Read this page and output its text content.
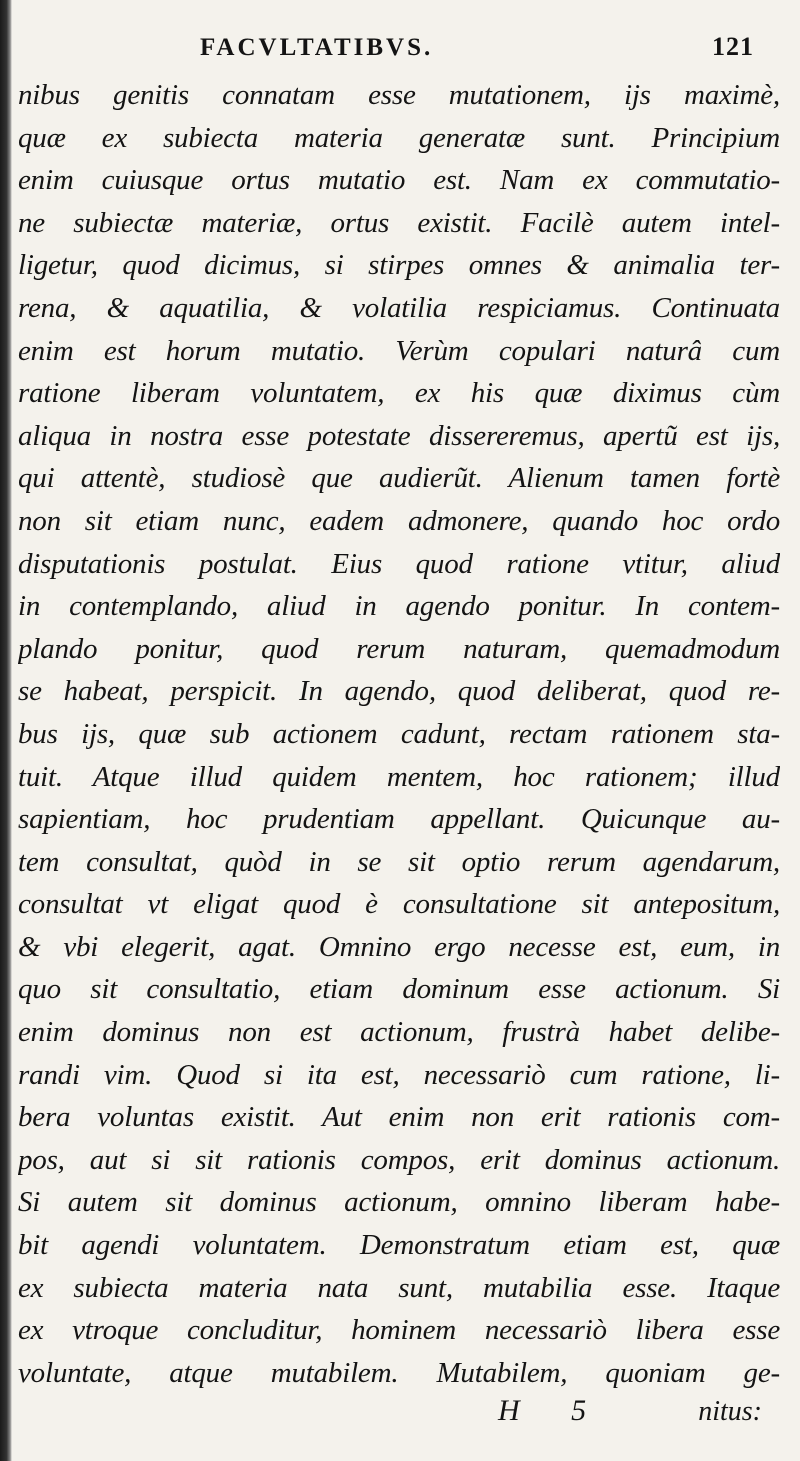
FACVLTATIBVS.	121
nibus genitis connatam esse mutationem, ijs maximè,
quæ ex subiecta materia generatæ sunt. Principium
enim cuiusque ortus mutatio est. Nam ex commutatio-
ne subiectæ materiæ, ortus existit. Facilè autem intel-
ligetur, quod dicimus, si stirpes omnes & animalia ter-
rena, & aquatilia, & volatilia respiciamus. Continuata
enim est horum mutatio. Verùm copulari naturâ cum
ratione liberam voluntatem, ex his quæ diximus cùm
aliqua in nostra esse potestate dissereremus, apertũ est ijs,
qui attentè, studiosè que audierũt. Alienum tamen fortè
non sit etiam nunc, eadem admonere, quando hoc ordo
disputationis postulat. Eius quod ratione vtitur, aliud
in contemplando, aliud in agendo ponitur. In contem-
plando ponitur, quod rerum naturam, quemadmodum
se habeat, perspicit. In agendo, quod deliberat, quod re-
bus ijs, quæ sub actionem cadunt, rectam rationem sta-
tuit. Atque illud quidem mentem, hoc rationem; illud
sapientiam, hoc prudentiam appellant. Quicunque au-
tem consultat, quòd in se sit optio rerum agendarum,
consultat vt eligat quod è consultatione sit antepositum,
& vbi elegerit, agat. Omnino ergo necesse est, eum, in
quo sit consultatio, etiam dominum esse actionum. Si
enim dominus non est actionum, frustrà habet delibe-
randi vim. Quod si ita est, necessariò cum ratione, li-
bera voluntas existit. Aut enim non erit rationis com-
pos, aut si sit rationis compos, erit dominus actionum.
Si autem sit dominus actionum, omnino liberam habe-
bit agendi voluntatem. Demonstratum etiam est, quæ
ex subiecta materia nata sunt, mutabilia esse. Itaque
ex vtroque concluditur, hominem necessariò libera esse
voluntate, atque mutabilem. Mutabilem, quoniam ge-
H 5	nitus:
